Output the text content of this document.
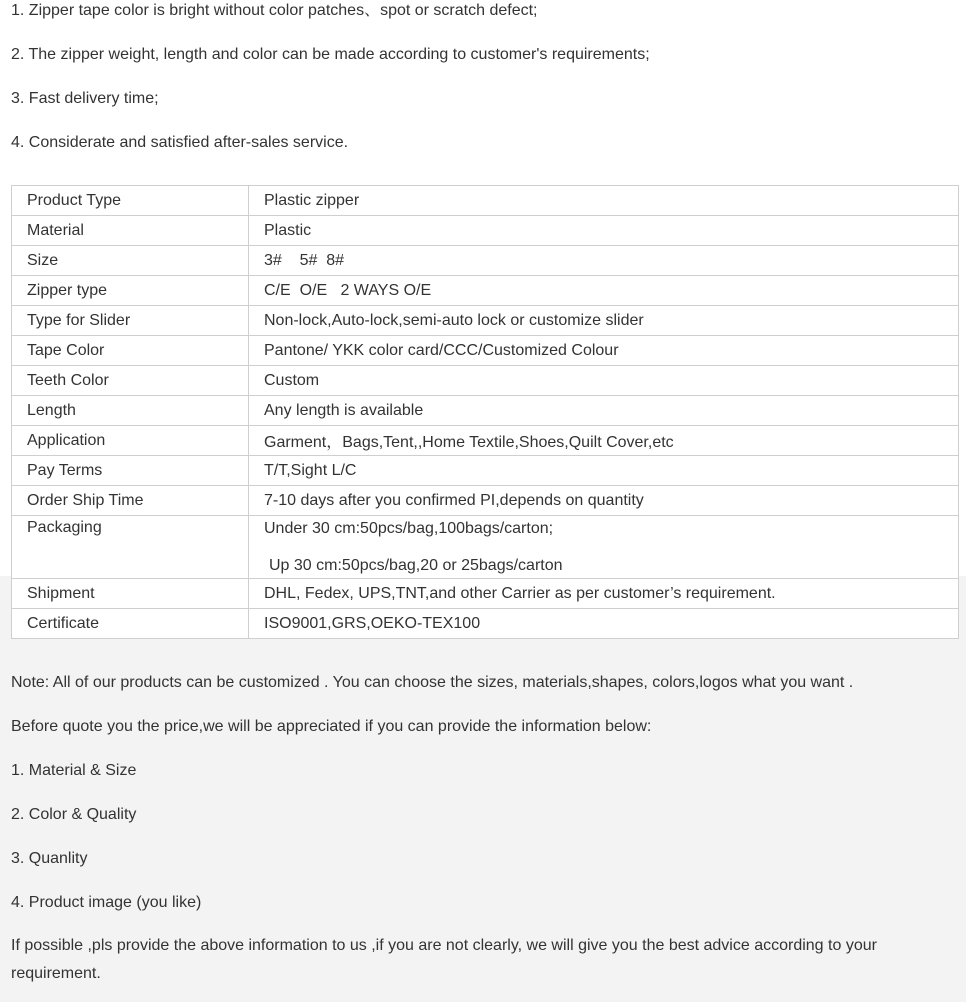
1. Zipper tape color is bright without color patches、spot or scratch defect;

2. The zipper weight, length and color can be made according to customer's requirements;

3. Fast delivery time;

4. Considerate and satisfied after-sales service.

Product Type	Plastic zipper
Material	Plastic
Size	3#    5#  8#
Zipper type	C/E  O/E   2 WAYS O/E
Type for Slider	Non-lock,Auto-lock,semi-auto lock or customize slider
Tape Color	Pantone/ YKK color card/CCC/Customized Colour
Teeth Color	Custom
Length	Any length is available
Application	Garment，Bags,Tent,,Home Textile,Shoes,Quilt Cover,etc
Pay Terms	T/T,Sight L/C
Order Ship Time	7-10 days after you confirmed PI,depends on quantity
Packaging	Under 30 cm:50pcs/bag,100bags/carton;
Up 30 cm:50pcs/bag,20 or 25bags/carton

Shipment	DHL, Fedex, UPS,TNT,and other Carrier as per customer’s requirement.
Certificate	ISO9001,GRS,OEKO-TEX100

Note: All of our products can be customized . You can choose the sizes, materials,shapes, colors,logos what you want .

Before quote you the price,we will be appreciated if you can provide the information below:

1. Material & Size

2. Color & Quality

3. Quanlity

4. Product image (you like)

If possible ,pls provide the above information to us ,if you are not clearly, we will give you the best advice according to your requirement.
